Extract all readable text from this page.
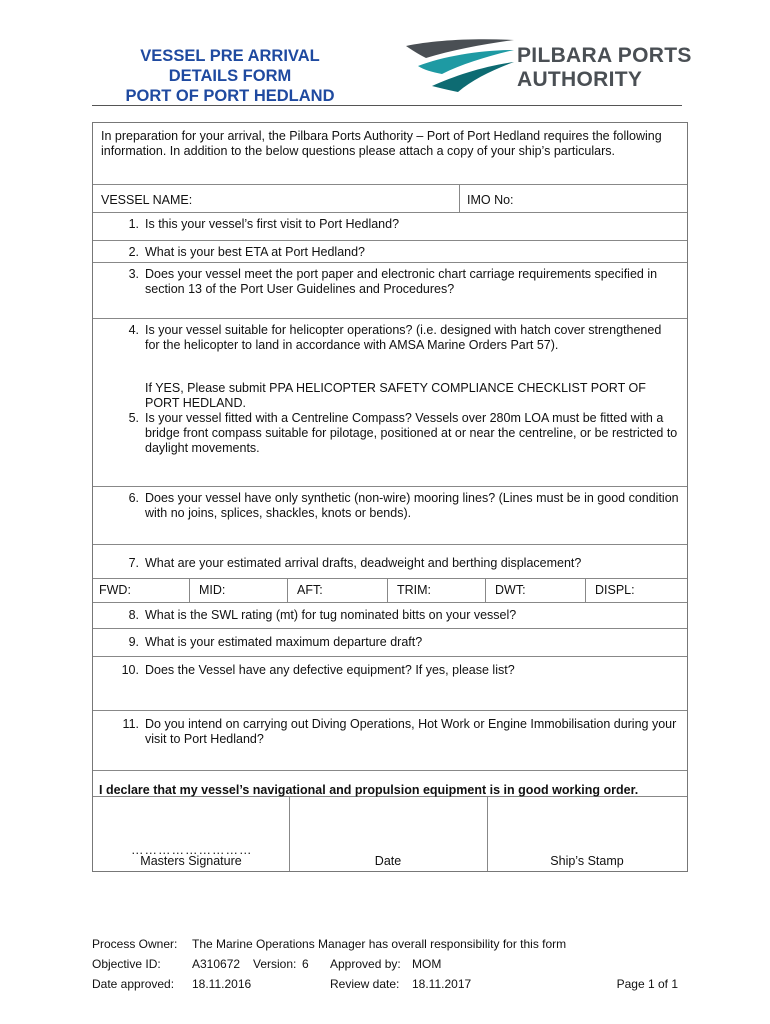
VESSEL PRE ARRIVAL
DETAILS FORM
PORT OF PORT HEDLAND
PILBARA PORTS
AUTHORITY
In preparation for your arrival, the Pilbara Ports Authority – Port of Port Hedland requires the following information. In addition to the below questions please attach a copy of your ship’s particulars.
VESSEL NAME:	IMO No:
1. Is this your vessel’s first visit to Port Hedland?
2. What is your best ETA at Port Hedland?
3. Does your vessel meet the port paper and electronic chart carriage requirements specified in section 13 of the Port User Guidelines and Procedures?
4. Is your vessel suitable for helicopter operations? (i.e. designed with hatch cover strengthened for the helicopter to land in accordance with AMSA Marine Orders Part 57).
If YES, Please submit PPA HELICOPTER SAFETY COMPLIANCE CHECKLIST PORT OF PORT HEDLAND.
5. Is your vessel fitted with a Centreline Compass? Vessels over 280m LOA must be fitted with a bridge front compass suitable for pilotage, positioned at or near the centreline, or be restricted to daylight movements.
6. Does your vessel have only synthetic (non-wire) mooring lines? (Lines must be in good condition with no joins, splices, shackles, knots or bends).
7. What are your estimated arrival drafts, deadweight and berthing displacement?
FWD:	MID:	AFT:	TRIM:	DWT:	DISPL:
8. What is the SWL rating (mt) for tug nominated bitts on your vessel?
9. What is your estimated maximum departure draft?
10. Does the Vessel have any defective equipment? If yes, please list?
11. Do you intend on carrying out Diving Operations, Hot Work or Engine Immobilisation during your visit to Port Hedland?
I declare that my vessel’s navigational and propulsion equipment is in good working order.
………………………
Masters Signature	Date	Ship’s Stamp
Process Owner: The Marine Operations Manager has overall responsibility for this form
Objective ID:	A310672 Version: 6 Approved by: MOM
Date approved: 18.11.2016	Review date: 18.11.2017	Page 1 of 1
